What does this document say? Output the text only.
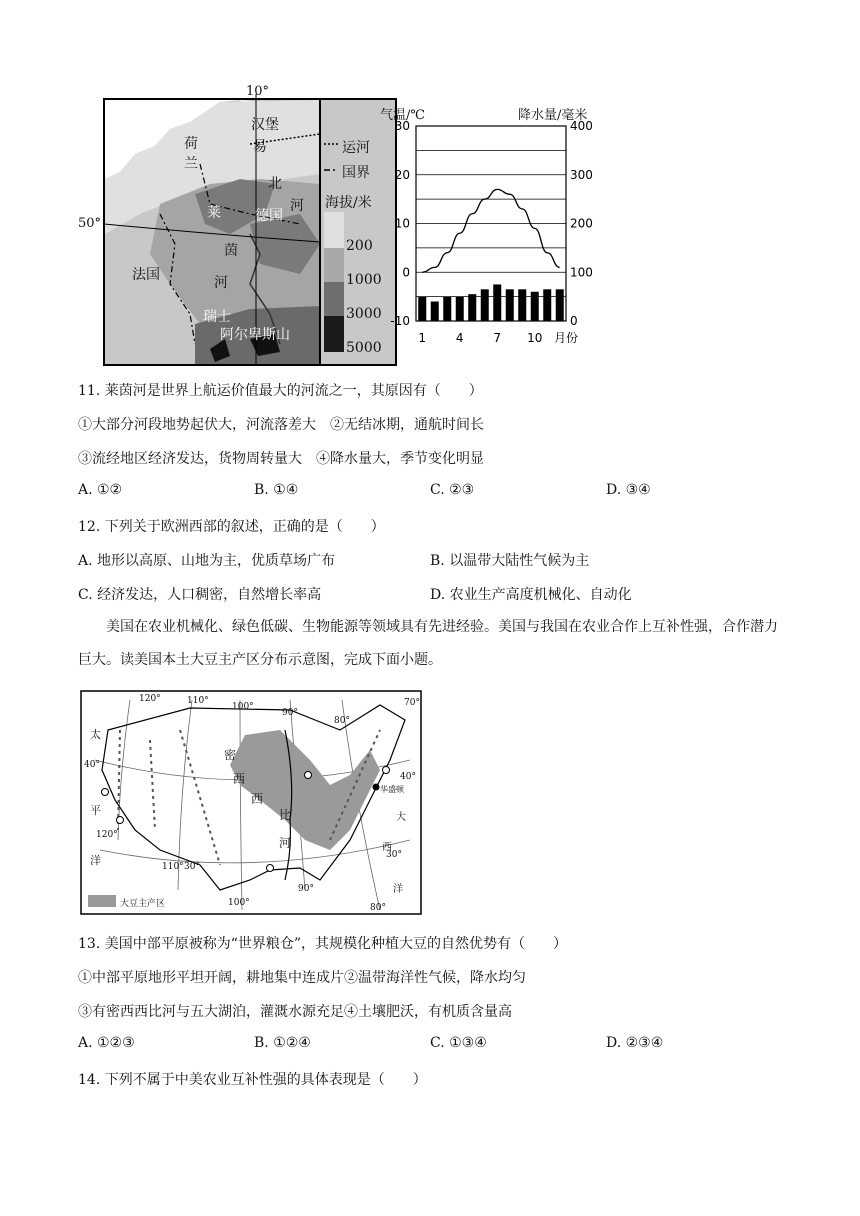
10°
50°
荷兰
汉堡
易
北
河
莱 德国
茵
河
法国
瑞士
阿尔卑斯山
运河
国界
海拔/米
200
1000
3000
5000
气温/℃	降水量/毫米
30
20
10
0
-10
400
300
200
100
0
1 4 7 10 月份
11. 莱茵河是世界上航运价值最大的河流之一，其原因有（　　）
①大部分河段地势起伏大，河流落差大　②无结冰期，通航时间长
③流经地区经济发达，货物周转量大　④降水量大，季节变化明显
A. ①②	B. ①④	C. ②③	D. ③④
12. 下列关于欧洲西部的叙述，正确的是（　　）
A. 地形以高原、山地为主，优质草场广布	B. 以温带大陆性气候为主
C. 经济发达，人口稠密，自然增长率高	D. 农业生产高度机械化、自动化
美国在农业机械化、绿色低碳、生物能源等领域具有先进经验。美国与我国在农业合作上互补性强，合作潜力巨大。读美国本土大豆主产区分布示意图，完成下面小题。
120°	110°
100°
90°
80°
70°
110° 30°
100°
90°
80°
40°
120°
40°
30°
太
平
洋
密
西
西
比
河
大
西
洋
华盛顿
大豆主产区
13. 美国中部平原被称为“世界粮仓”，其规模化种植大豆的自然优势有（　　）
①中部平原地形平坦开阔，耕地集中连成片②温带海洋性气候，降水均匀
③有密西西比河与五大湖泊，灌溉水源充足④土壤肥沃，有机质含量高
A. ①②③	B. ①②④	C. ①③④	D. ②③④
14. 下列不属于中美农业互补性强的具体表现是（　　）
